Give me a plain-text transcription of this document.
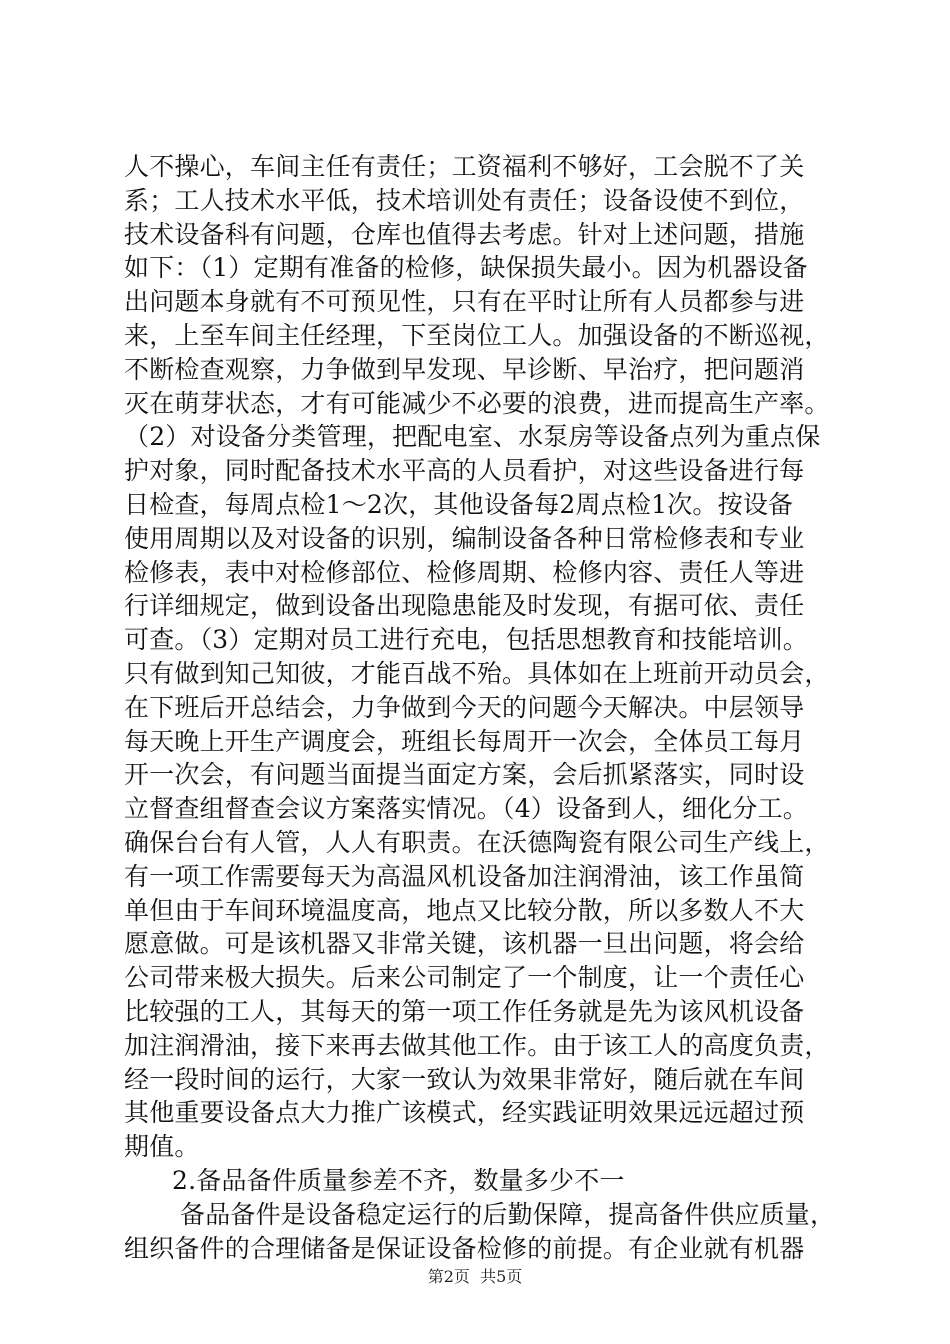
人不操心，车间主任有责任；工资福利不够好，工会脱不了关
系；工人技术水平低，技术培训处有责任；设备设使不到位，
技术设备科有问题，仓库也值得去考虑。针对上述问题，措施
如下：（1）定期有准备的检修，缺保损失最小。因为机器设备
出问题本身就有不可预见性，只有在平时让所有人员都参与进
来，上至车间主任经理，下至岗位工人。加强设备的不断巡视，
不断检查观察，力争做到早发现、早诊断、早治疗，把问题消
灭在萌芽状态，才有可能减少不必要的浪费，进而提高生产率。
（2）对设备分类管理，把配电室、水泵房等设备点列为重点保
护对象，同时配备技术水平高的人员看护，对这些设备进行每
日检查，每周点检1～2次，其他设备每2周点检1次。按设备
使用周期以及对设备的识别，编制设备各种日常检修表和专业
检修表，表中对检修部位、检修周期、检修内容、责任人等进
行详细规定，做到设备出现隐患能及时发现，有据可依、责任
可查。（3）定期对员工进行充电，包括思想教育和技能培训。
只有做到知己知彼，才能百战不殆。具体如在上班前开动员会，
在下班后开总结会，力争做到今天的问题今天解决。中层领导
每天晚上开生产调度会，班组长每周开一次会，全体员工每月
开一次会，有问题当面提当面定方案，会后抓紧落实，同时设
立督查组督查会议方案落实情况。（4）设备到人，细化分工。
确保台台有人管，人人有职责。在沃德陶瓷有限公司生产线上，
有一项工作需要每天为高温风机设备加注润滑油，该工作虽简
单但由于车间环境温度高，地点又比较分散，所以多数人不大
愿意做。可是该机器又非常关键，该机器一旦出问题，将会给
公司带来极大损失。后来公司制定了一个制度，让一个责任心
比较强的工人，其每天的第一项工作任务就是先为该风机设备
加注润滑油，接下来再去做其他工作。由于该工人的高度负责，
经一段时间的运行，大家一致认为效果非常好，随后就在车间
其他重要设备点大力推广该模式，经实践证明效果远远超过预
期值。
2.备品备件质量参差不齐，数量多少不一
备品备件是设备稳定运行的后勤保障，提高备件供应质量，
组织备件的合理储备是保证设备检修的前提。有企业就有机器
第2页  共5页
